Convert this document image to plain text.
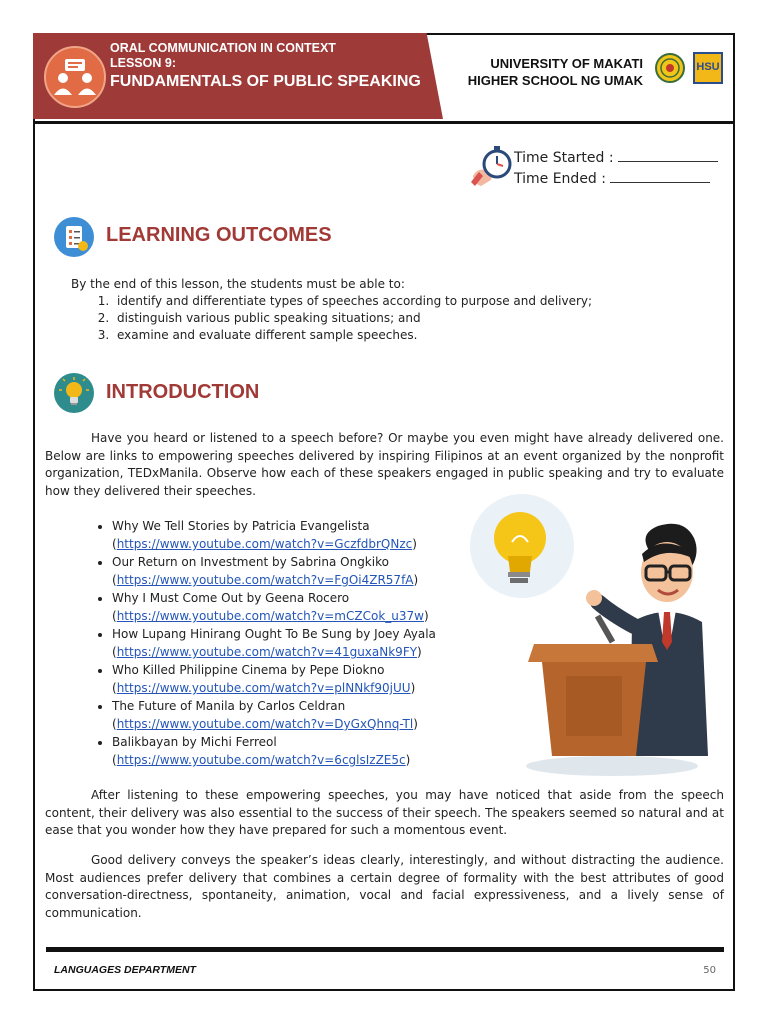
ORAL COMMUNICATION IN CONTEXT
LESSON 9:
FUNDAMENTALS OF PUBLIC SPEAKING
UNIVERSITY OF MAKATI
HIGHER SCHOOL NG UMAK
HSU
Time Started :
Time Ended :
LEARNING OUTCOMES
By the end of this lesson, the students must be able to:
1. identify and differentiate types of speeches according to purpose and delivery;
2. distinguish various public speaking situations; and
3. examine and evaluate different sample speeches.
INTRODUCTION
Have you heard or listened to a speech before? Or maybe you even might have already delivered one. Below are links to empowering speeches delivered by inspiring Filipinos at an event organized by the nonprofit organization, TEDxManila. Observe how each of these speakers engaged in public speaking and try to evaluate how they delivered their speeches.
• Why We Tell Stories by Patricia Evangelista
(https://www.youtube.com/watch?v=GczfdbrQNzc)
• Our Return on Investment by Sabrina Ongkiko
(https://www.youtube.com/watch?v=FgOi4ZR57fA)
• Why I Must Come Out by Geena Rocero
(https://www.youtube.com/watch?v=mCZCok_u37w)
• How Lupang Hinirang Ought To Be Sung by Joey Ayala
(https://www.youtube.com/watch?v=41guxaNk9FY)
• Who Killed Philippine Cinema by Pepe Diokno
(https://www.youtube.com/watch?v=plNNkf90jUU)
• The Future of Manila by Carlos Celdran
(https://www.youtube.com/watch?v=DyGxQhnq-Tl)
• Balikbayan by Michi Ferreol
(https://www.youtube.com/watch?v=6cglsIzZE5c)
After listening to these empowering speeches, you may have noticed that aside from the speech content, their delivery was also essential to the success of their speech. The speakers seemed so natural and at ease that you wonder how they have prepared for such a momentous event.
Good delivery conveys the speaker’s ideas clearly, interestingly, and without distracting the audience. Most audiences prefer delivery that combines a certain degree of formality with the best attributes of good conversation-directness, spontaneity, animation, vocal and facial expressiveness, and a lively sense of communication.
LANGUAGES DEPARTMENT	50
